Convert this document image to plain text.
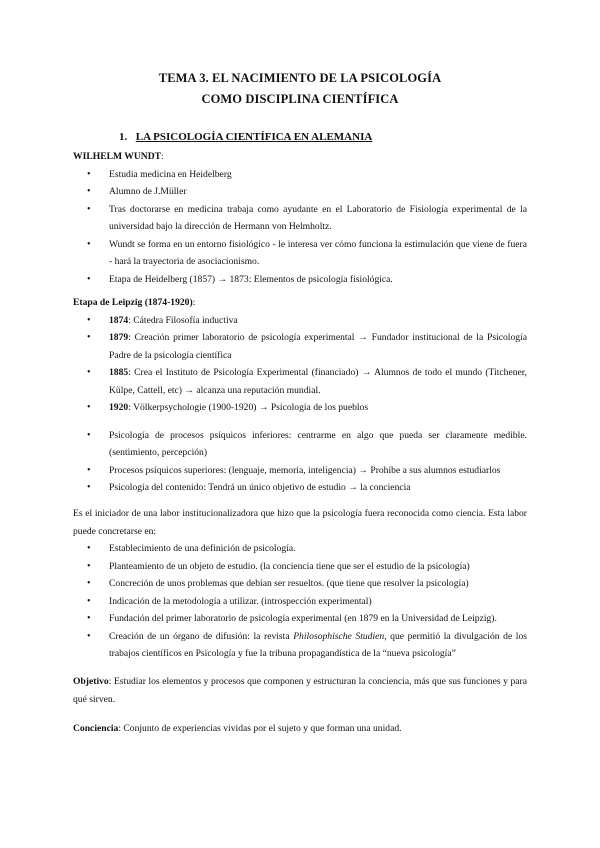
TEMA 3. EL NACIMIENTO DE LA PSICOLOGÍA
COMO DISCIPLINA CIENTÍFICA
1. LA PSICOLOGÍA CIENTÍFICA EN ALEMANIA
WILHELM WUNDT:
• Estudia medicina en Heidelberg
• Alumno de J.Müller
• Tras doctorarse en medicina trabaja como ayudante en el Laboratorio de Fisiología experimental de la universidad bajo la dirección de Hermann von Helmholtz.
• Wundt se forma en un entorno fisiológico - le interesa ver cómo funciona la estimulación que viene de fuera - hará la trayectoria de asociacionismo.
• Etapa de Heidelberg (1857) → 1873: Elementos de psicología fisiológica.
Etapa de Leipzig (1874-1920):
• 1874: Cátedra Filosofía inductiva
• 1879: Creación primer laboratorio de psicología experimental → Fundador institucional de la Psicología Padre de la psicología científica
• 1885: Crea el Instituto de Psicología Experimental (financiado) → Alumnos de todo el mundo (Titchener, Külpe, Cattell, etc) → alcanza una reputación mundial.
• 1920: Völkerpsychologie (1900-1920) → Psicología de los pueblos
• Psicología de procesos psíquicos inferiores: centrarme en algo que pueda ser claramente medible. (sentimiento, percepción)
• Procesos psíquicos superiores: (lenguaje, memoria, inteligencia) → Prohíbe a sus alumnos estudiarlos
• Psicología del contenido: Tendrá un único objetivo de estudio → la conciencia
Es el iniciador de una labor institucionalizadora que hizo que la psicología fuera reconocida como ciencia. Esta labor puede concretarse en:
• Establecimiento de una definición de psicología.
• Planteamiento de un objeto de estudio. (la conciencia tiene que ser el estudio de la psicología)
• Concreción de unos problemas que debían ser resueltos. (que tiene que resolver la psicología)
• Indicación de la metodología a utilizar. (introspección experimental)
• Fundación del primer laboratorio de psicología experimental (en 1879 en la Universidad de Leipzig).
• Creación de un órgano de difusión: la revista Philosophische Studien, que permitió la divulgación de los trabajos científicos en Psicología y fue la tribuna propagandística de la “nueva psicología”
Objetivo: Estudiar los elementos y procesos que componen y estructuran la conciencia, más que sus funciones y para qué sirven.
Conciencia: Conjunto de experiencias vividas por el sujeto y que forman una unidad.
